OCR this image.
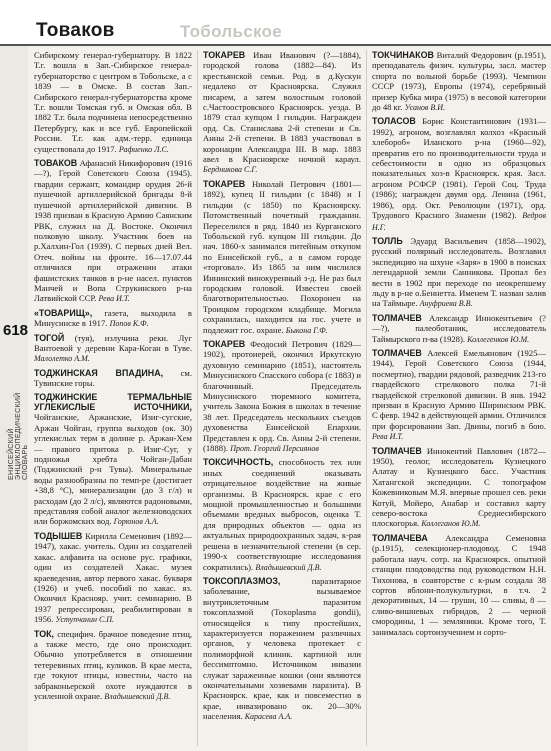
Товаков	Тобольское
618
ЕНИСЕЙСКИЙ ЭНЦИКЛОПЕДИЧЕСКИЙ СЛОВАРЬ

Сибирскому генерал-губернатору. В 1822 Т.г. вошла в Зап.-Сибирское генерал-губернаторство с центром в Тобольске, а с 1839 — в Омске. В состав Зап.-Сибирского генерал-губернаторства кроме Т.г. вошли Томская губ. и Омская обл. В 1882 Т.г. была подчинена непосредственно Петербургу, как и все губ. Европейской России. Т.г. как адм.-терр. единица существовала до 1917. Рафиенко Л.С.

ТОВАКОВ Афанасий Никифорович (1916—?), Герой Советского Союза (1945). гвардии сержант, командир орудия 26-й пушечной артиллерийской бригады 8-й пушечной артиллерийской дивизии. В 1938 призван в Красную Армию Саянским РВК, служил на Д. Востоке. Окончил полковую школу. Участник боев на р.Халхин-Гол (1939). С первых дней Вел. Отеч. войны на фронте. 16—17.07.44 отличился при отражении атаки фашистских танков в р-не насел. пунктов Манчей и Вопа Струкинского р-на Латвийской ССР. Рева И.Т.

«ТОВАРИЩ», газета, выходила в Минусинске в 1917. Попов К.Ф.

ТОГОЙ (туя), излучина реки. Луг Вантоевой у деревни Кара-Коган в Туве. Малолетко А.М.

ТОДЖИНСКАЯ ВПАДИНА, см. Тувинские горы.

ТОДЖИНСКИЕ ТЕРМАЛЬНЫЕ УГЛЕКИСЛЫЕ ИСТОЧНИКИ, Чойганские, Аржанские, Изиг-сугские, Аржан Чойган, группа выходов (ок. 30) углекислых терм в долине р. Аржан-Хем — правого притока р. Изиг-Суг, у подножья хребта Чойган-Дабан (Тоджинский р-н Тувы). Минеральные воды разнообразны по темп-ре (достигает +38,8 °С), минерализации (до 3 г/л) и расходам (до 2 л/с), являются радоновыми, представляя собой аналог железноводских или боржомских вод. Горюнов А.А.

ТОДЫШЕВ Кирилла Семенович (1892—1947), хакас. учитель. Один из создателей хакас. алфавита на основе рус. графики, один из создателей Хакас. музея краеведения, автор первого хакас. букваря (1926) и учеб. пособий по хакас. яз. Окончил Краснояр. учит. семинарию. В 1937 репрессирован, реабилитирован в 1956. Уступчанин С.П.

ТОК, специфич. брачное поведение птиц, а также место, где оно происходит. Обычно употребляется в отношении тетеревиных птиц, куликов. В крае места, где токуют птицы, известны, часто на забраконьерской охоте нуждаются в усиленной охране. Владышевский Д.В.

ТОКАРЕВ Иван Иванович (?—1884), городской голова (1882—84). Из крестьянской семьи. Род. в д.Кускун недалеко от Красноярска. Служил писарем, а затем волостным головой с.Частоостровского Красноярск. уезда. В 1879 стал купцом I гильдии. Награжден орд. Св. Станислава 2-й степени и Св. Анны 2-й степени. В 1883 участвовал в коронации Александра III. В мар. 1883 авел в Красноярске ночной караул. Бердникова С.Г.

ТОКАРЕВ Николай Петрович (1801—1892), купец II гильдии (с 1848) и I гильдии (с 1850) по Красноярску. Потомственный почетный гражданин. Переселился в ряд. 1840 из Курганского Тобольской губ. купцом III гильдии. До нач. 1860-х занимался питейным откупом по Енисейской губ., а в самом городе «торговал». Из 1865 за ним числился Иннинский винокуренный з-д. Не раз был городским головой. Известен своей благотворительностью. Похоронен на Троицком городском кладбище. Могила сохранилась, находится на гос. учете и подлежит гос. охране. Быкона Г.Ф.

ТОКАРЕВ Феодосий Петрович (1829—1902), протоиерей, окончил Иркутскую духовную семинарию (1851), настоятель Минусинского Спасского собора (с 1883) и благочинный. Председатель Минусинского тюремного комитета, учитель Закона Божия в школах в течение 38 лет. Председатель нескольких съездов духовенства Енисейской Епархии. Представлен к орд. Св. Анны 2-й степени. (1888). Прот. Георгий Персиянов

ТОКСИЧНОСТЬ, способность тех или иных соединений оказывать отрицательное воздействие на живые организмы. В Красноярск. крае с его мощной промышленностью и большими объемами вредных выбросов, оценка Т. для природных объектов — одна из актуальных природоохранных задач, к-рая решена в незначительной степени (в сер. 1990-х соответствующие исследования сократились). Владышевский Д.В.

ТОКСОПЛАЗМОЗ,	паразитарное заболевание, вызываемое внутриклеточным паразитом токсоплазмой (Toxoplasma gondii), относящейся к типу простейших, характеризуется поражением различных органов, у человека протекает с полиморфной клиник. картиной или бессимптомно. Источником инвазии служат зараженные кошки (они являются окончательными хозяевами паразита). В Красноярск. крае, как и повсеместно в крае, инвазировано ок. 20—30% населения. Карасева А.А.

ТОКЧИНАКОВ Виталий Федорович (р.1951), преподаватель физич. культуры, засл. мастер спорта по вольной борьбе (1993). Чемпион СССР (1973), Европы (1974), серебряный призер Кубка мира (1975) в весовой категории до 48 кг. Усанов В.И.

ТОЛАСОВ Борис Константинович (1931—1992), агроном, возглавлял колхоз «Красный хлебороб» Иланского р-на (1960—92), превратив его по производительности труда и себестоимости в одно из образцовых показательных хоз-в Красноярск. края. Засл. агроном РСФСР (1981). Герой Соц. Труда (1986); награжден двумя орд. Ленина (1961, 1986), орд. Окт. Революции (1971), орд. Трудового Красного Знамени (1982). Ведров Н.Г.

ТОЛЛЬ Эдуард Васильевич (1858—1902), русский полярный исследователь. Возглавил экспедицию на шхуне «Заря» в 1900 в поисках легендарной земли Санникова. Пропал без вести в 1902 при переходе по неокрепшему льду в р-не о.Беннетта. Именем Т. назван залив на Таймыре. Ануфриева В.В.

ТОЛМАЧЕВ Александр Иннокентьевич (?—?), палеоботаник, исследователь Таймырского п-ва (1928). Коллегенков Ю.М.

ТОЛМАЧЕВ Алексей Емельянович (1925—1944), Герой Советского Союза (1944, посмертно), гвардии рядовой, разведчик 213-го гвардейского стрелкового полка 71-й гвардейской стрелковой дивизии. В янв. 1942 призван в Красную Армию Ширинским РВК. С февр. 1942 в действующей армии. Отличился при форсировании Зап. Двины, погиб в бою. Рева И.Т.

ТОЛМАЧЕВ Иннокентий Павлович (1872—1950), геолог, исследователь Кузнецкого Алатау и Кузнецкого басс. Участник Хатангской экспедиции. С топографом Кожевниковым М.Я. впервые прошел сев. реки Котуй, Мойеро, Анабар и составил карту северо-востока Среднесибирского плоскогорья. Коллеганов Ю.М.

ТОЛМАЧЕВА Александра Семеновна (р.1915), селекционер-плодовод. С 1948 работала науч. сотр. на Красноярск. опытной станции плодоводства под руководством Н.Н. Тихонова, в соавторстве с к-рым создала 38 сортов яблони-полукультурки, в т.ч. 2 декоративных, 14 — груши, 10 — сливы, 8 — сливо-вишневых гибридов, 2 — черной смородины, 1 — земляники. Кроме того, Т. занималась сортоизучением и сорто-
